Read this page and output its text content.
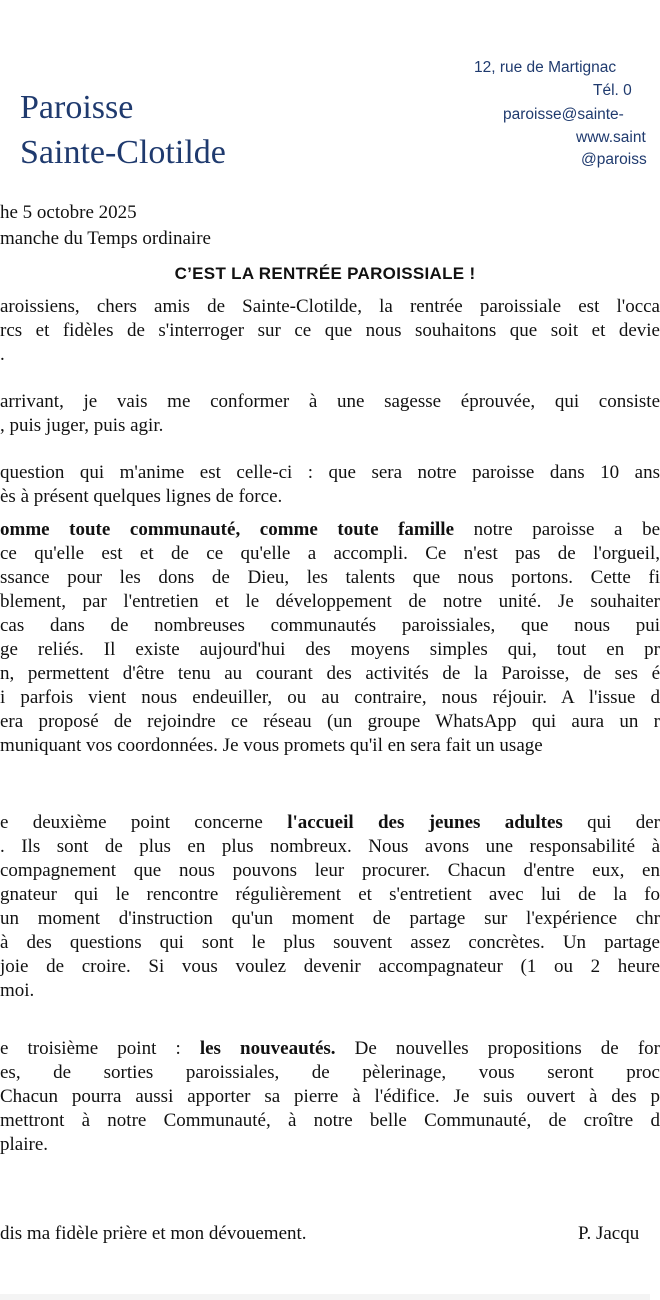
Paroisse
Sainte-Clotilde
12, rue de Martignac
Tél. 0
paroisse@sainte-
www.saint
@paroiss
he 5 octobre 2025
manche du Temps ordinaire
C’EST LA RENTRÉE PAROISSIALE !
aroissiens, chers amis de Sainte-Clotilde, la rentrée paroissiale est l'occa
rcs et fidèles de s'interroger sur ce que nous souhaitons que soit et devie
.
arrivant, je vais me conformer à une sagesse éprouvée, qui consiste
, puis juger, puis agir.
question qui m'anime est celle-ci : que sera notre paroisse dans 10 ans
ès à présent quelques lignes de force.
omme toute communauté, comme toute famille notre paroisse a be
ce qu'elle est et de ce qu'elle a accompli. Ce n'est pas de l'orgueil,
ssance pour les dons de Dieu, les talents que nous portons. Cette fi
blement, par l'entretien et le développement de notre unité. Je souhaiter
cas dans de nombreuses communautés paroissiales, que nous pui
ge reliés. Il existe aujourd'hui des moyens simples qui, tout en pr
n, permettent d'être tenu au courant des activités de la Paroisse, de ses é
i parfois vient nous endeuiller, ou au contraire, nous réjouir. A l'issue d
era proposé de rejoindre ce réseau (un groupe WhatsApp qui aura un r
muniquant vos coordonnées. Je vous promets qu'il en sera fait un usage
e deuxième point concerne l'accueil des jeunes adultes qui der
. Ils sont de plus en plus nombreux. Nous avons une responsabilité à
compagnement que nous pouvons leur procurer. Chacun d'entre eux, en
gnateur qui le rencontre régulièrement et s'entretient avec lui de la fo
un moment d'instruction qu'un moment de partage sur l'expérience chr
à des questions qui sont le plus souvent assez concrètes. Un partage
joie de croire. Si vous voulez devenir accompagnateur (1 ou 2 heure
moi.
e troisième point : les nouveautés. De nouvelles propositions de for
es, de sorties paroissiales, de pèlerinage, vous seront proc
Chacun pourra aussi apporter sa pierre à l'édifice. Je suis ouvert à des p
mettront à notre Communauté, à notre belle Communauté, de croître d
plaire.
dis ma fidèle prière et mon dévouement.	P. Jacqu
